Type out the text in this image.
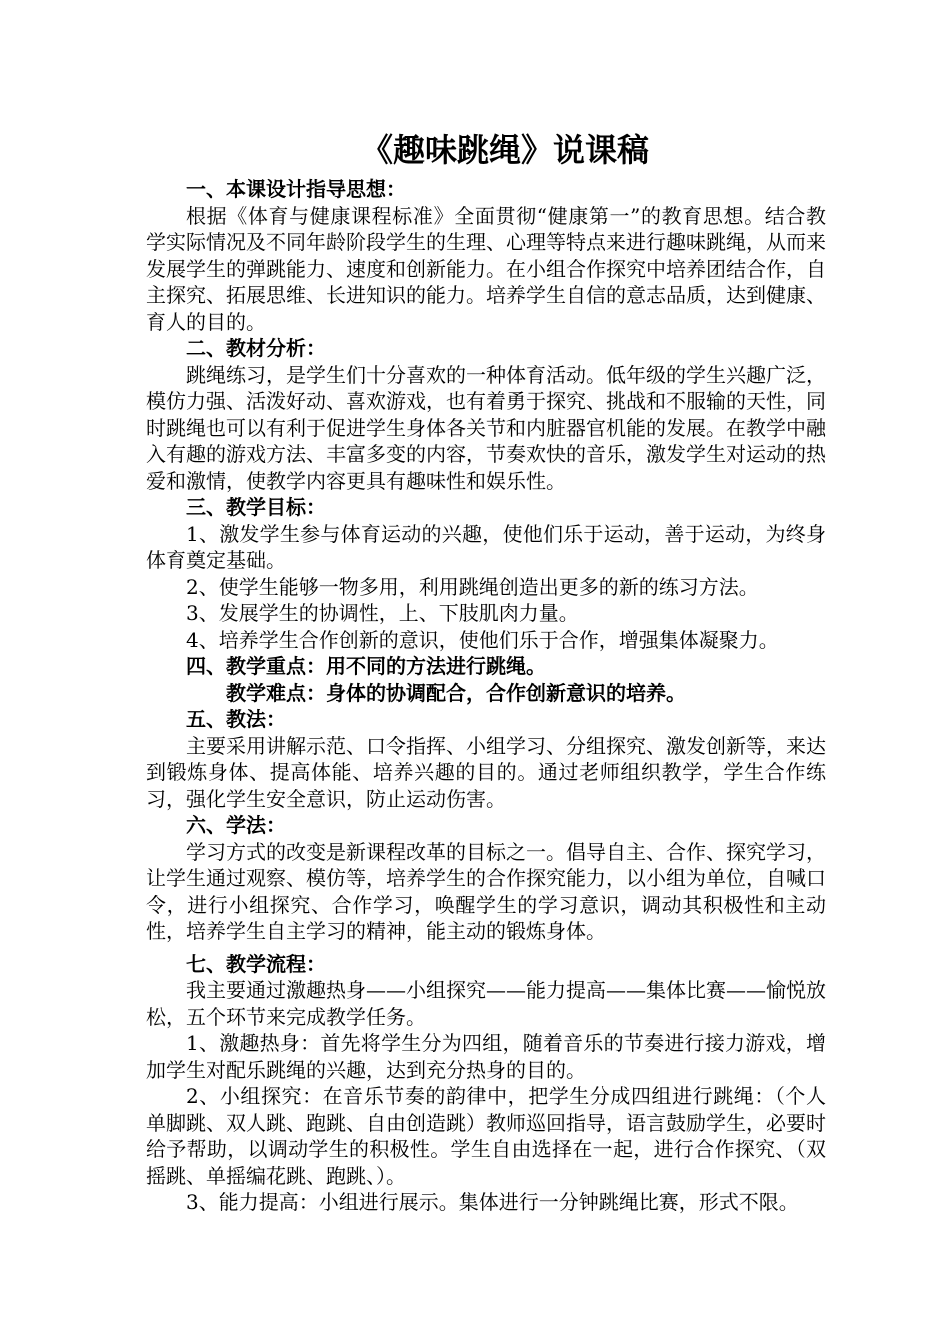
《趣味跳绳》说课稿

一、本课设计指导思想：

根据《体育与健康课程标准》全面贯彻“健康第一”的教育思想。结合教学实际情况及不同年龄阶段学生的生理、心理等特点来进行趣味跳绳，从而来发展学生的弹跳能力、速度和创新能力。在小组合作探究中培养团结合作，自主探究、拓展思维、长进知识的能力。培养学生自信的意志品质，达到健康、育人的目的。

二、教材分析：

跳绳练习，是学生们十分喜欢的一种体育活动。低年级的学生兴趣广泛，模仿力强、活泼好动、喜欢游戏，也有着勇于探究、挑战和不服输的天性，同时跳绳也可以有利于促进学生身体各关节和内脏器官机能的发展。在教学中融入有趣的游戏方法、丰富多变的内容，节奏欢快的音乐，激发学生对运动的热爱和激情，使教学内容更具有趣味性和娱乐性。

三、教学目标：

1、激发学生参与体育运动的兴趣，使他们乐于运动，善于运动，为终身体育奠定基础。

2、使学生能够一物多用，利用跳绳创造出更多的新的练习方法。

3、发展学生的协调性，上、下肢肌肉力量。

4、培养学生合作创新的意识，使他们乐于合作，增强集体凝聚力。

四、教学重点：用不同的方法进行跳绳。

教学难点：身体的协调配合，合作创新意识的培养。

五、教法：

主要采用讲解示范、口令指挥、小组学习、分组探究、激发创新等，来达到锻炼身体、提高体能、培养兴趣的目的。通过老师组织教学，学生合作练习，强化学生安全意识，防止运动伤害。

六、学法：

学习方式的改变是新课程改革的目标之一。倡导自主、合作、探究学习，让学生通过观察、模仿等，培养学生的合作探究能力，以小组为单位，自喊口令，进行小组探究、合作学习，唤醒学生的学习意识，调动其积极性和主动性，培养学生自主学习的精神，能主动的锻炼身体。

七、教学流程：

我主要通过激趣热身——小组探究——能力提高——集体比赛——愉悦放松，五个环节来完成教学任务。

1、激趣热身：首先将学生分为四组，随着音乐的节奏进行接力游戏，增加学生对配乐跳绳的兴趣，达到充分热身的目的。

2、小组探究：在音乐节奏的韵律中，把学生分成四组进行跳绳：（个人单脚跳、双人跳、跑跳、自由创造跳）教师巡回指导，语言鼓励学生，必要时给予帮助，以调动学生的积极性。学生自由选择在一起，进行合作探究、（双摇跳、单摇编花跳、跑跳、）。

3、能力提高：小组进行展示。集体进行一分钟跳绳比赛，形式不限。
